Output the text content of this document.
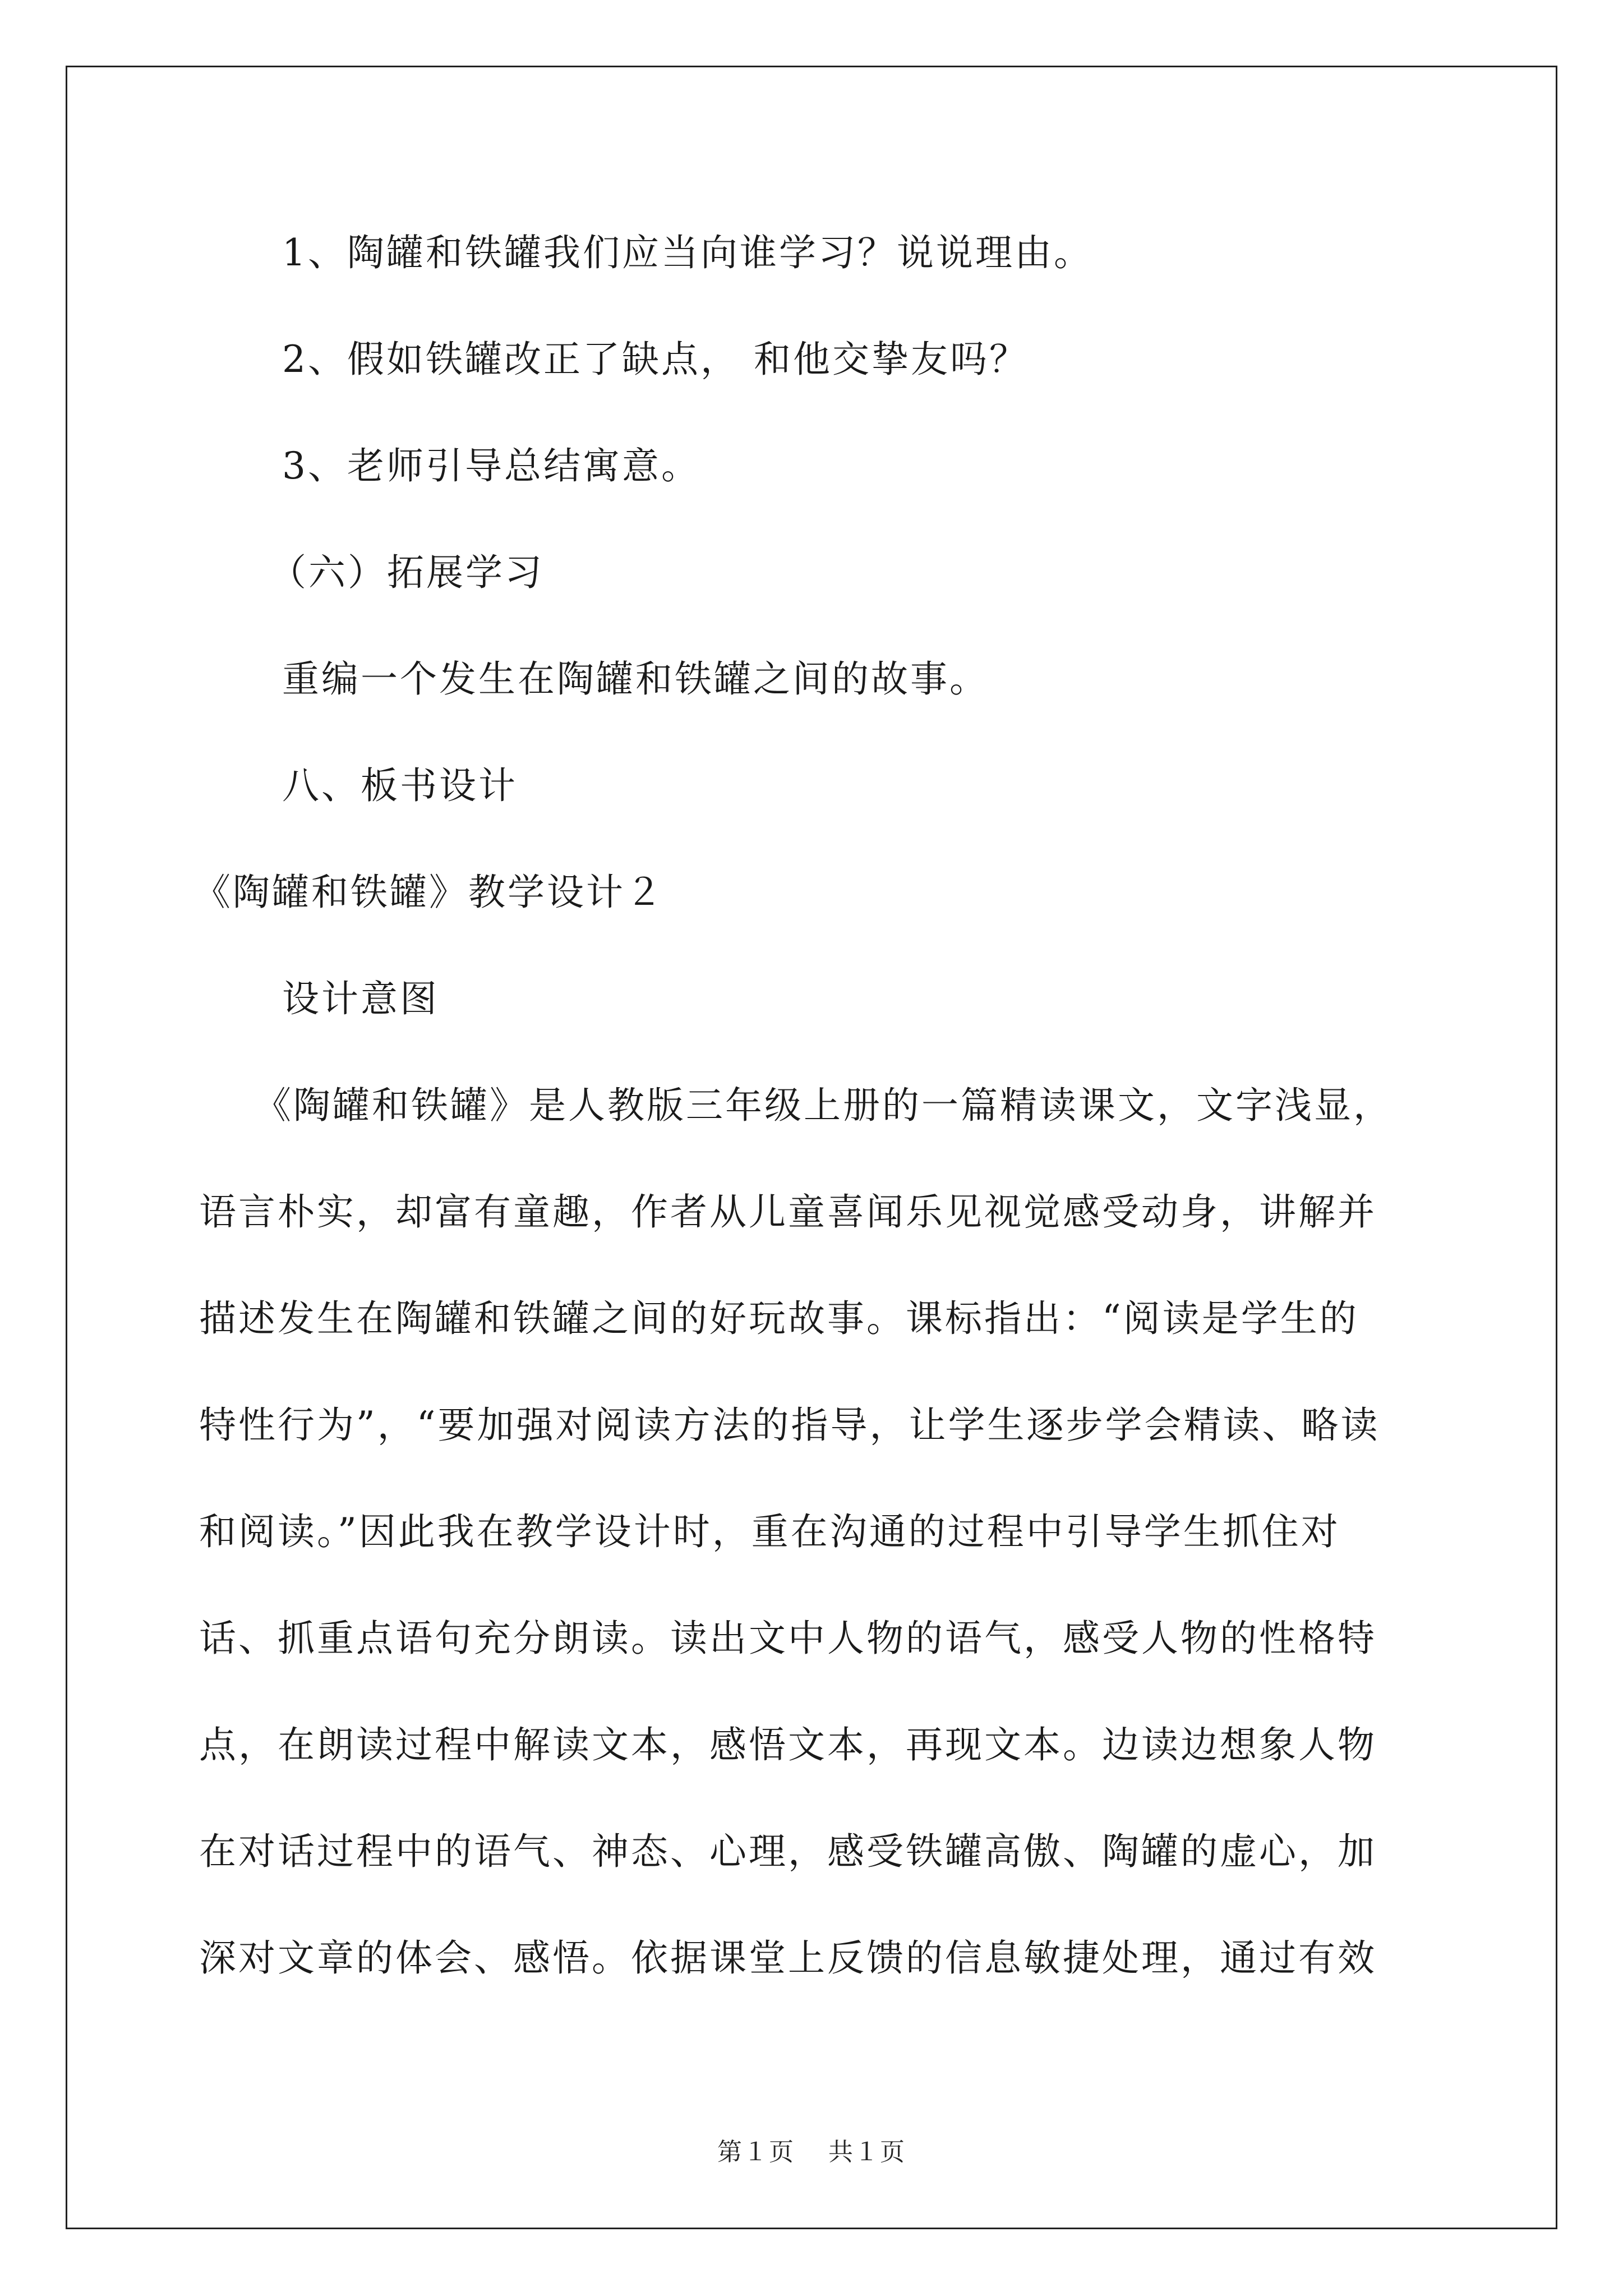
1、陶罐和铁罐我们应当向谁学习？说说理由。
2、假如铁罐改正了缺点， 和他交挚友吗？
3、老师引导总结寓意。
（六）拓展学习
重编一个发生在陶罐和铁罐之间的故事。
八、板书设计
《陶罐和铁罐》教学设计２
设计意图
《陶罐和铁罐》是人教版三年级上册的一篇精读课文，文字浅显，
语言朴实，却富有童趣，作者从儿童喜闻乐见视觉感受动身，讲解并
描述发生在陶罐和铁罐之间的好玩故事。课标指出：“阅读是学生的
特性行为”，“要加强对阅读方法的指导，让学生逐步学会精读、略读
和阅读。”因此我在教学设计时，重在沟通的过程中引导学生抓住对
话、抓重点语句充分朗读。读出文中人物的语气，感受人物的性格特
点，在朗读过程中解读文本，感悟文本，再现文本。边读边想象人物
在对话过程中的语气、神态、心理，感受铁罐高傲、陶罐的虚心，加
深对文章的体会、感悟。依据课堂上反馈的信息敏捷处理，通过有效
第１页 共１页
